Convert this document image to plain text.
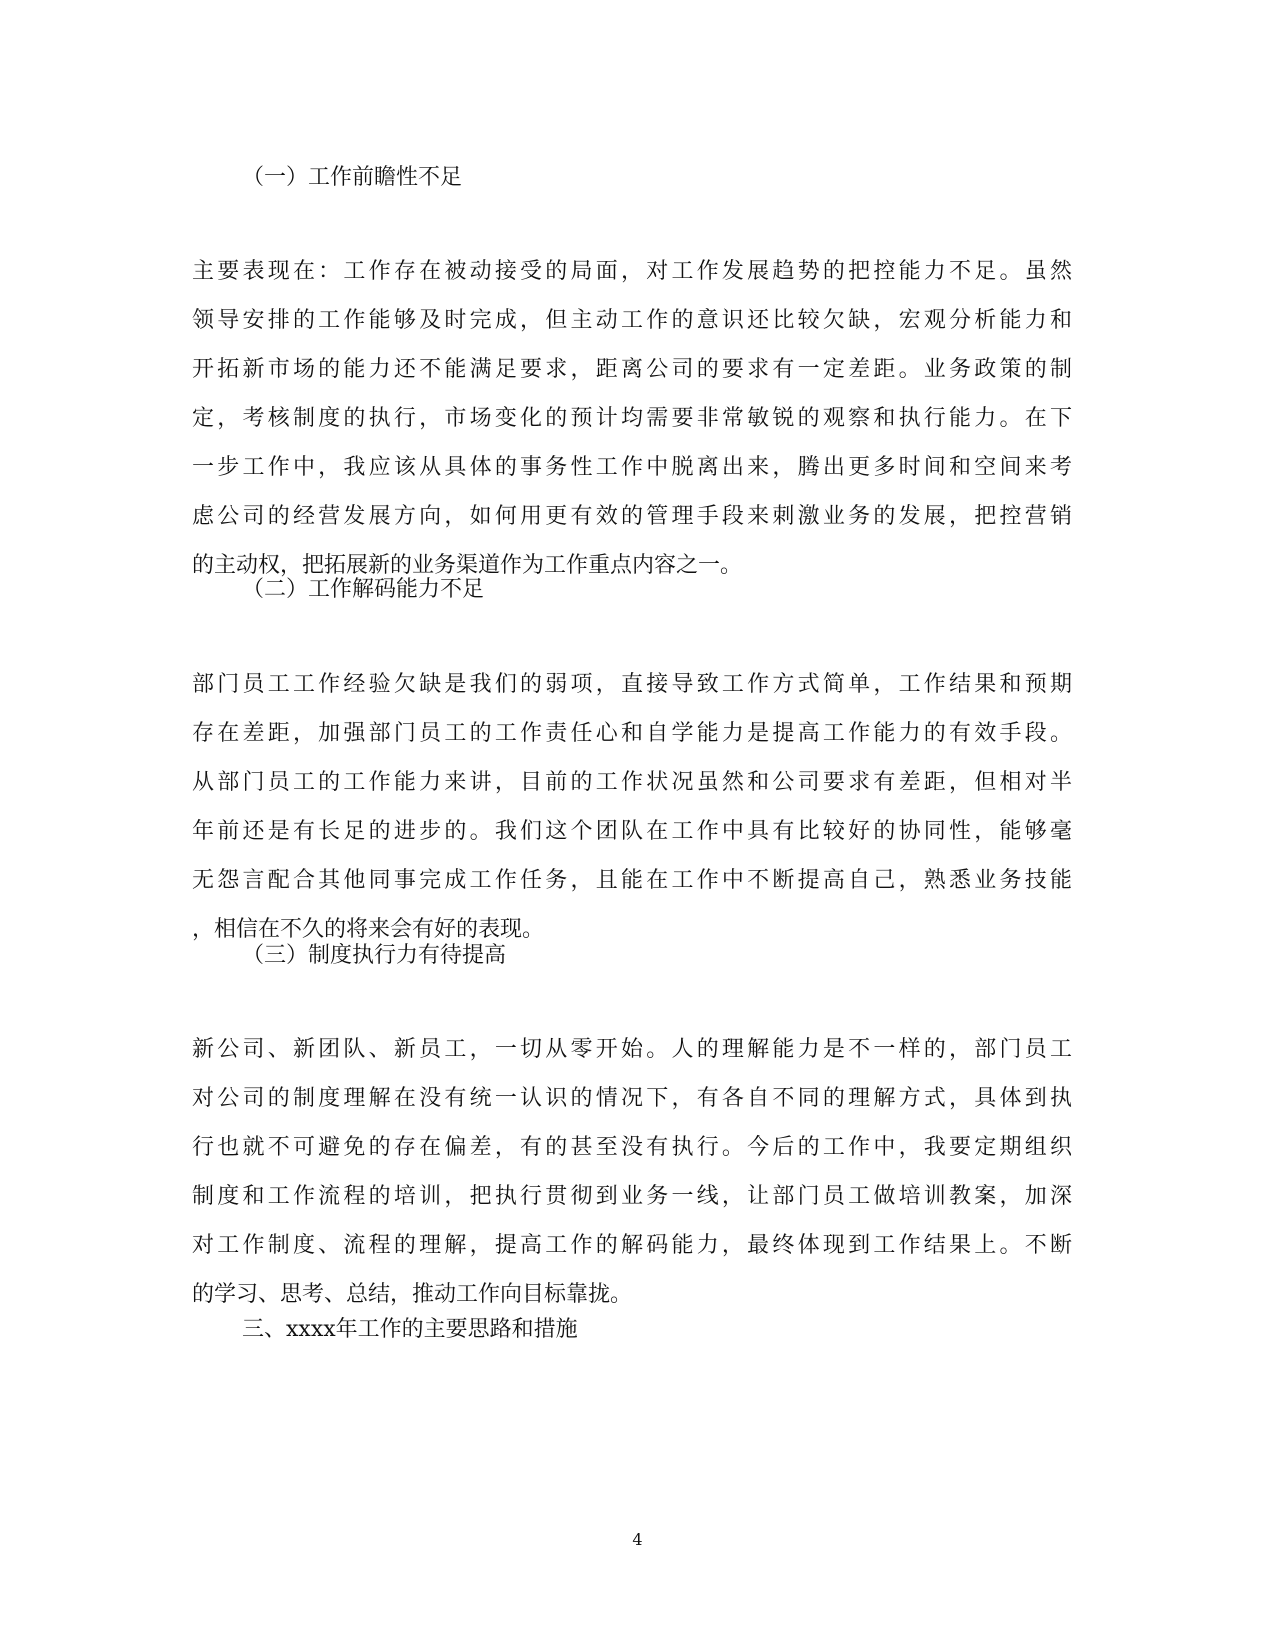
（一）工作前瞻性不足
主要表现在：工作存在被动接受的局面，对工作发展趋势的把控能力不足。虽然
领导安排的工作能够及时完成，但主动工作的意识还比较欠缺，宏观分析能力和
开拓新市场的能力还不能满足要求，距离公司的要求有一定差距。业务政策的制
定，考核制度的执行，市场变化的预计均需要非常敏锐的观察和执行能力。在下
一步工作中，我应该从具体的事务性工作中脱离出来，腾出更多时间和空间来考
虑公司的经营发展方向，如何用更有效的管理手段来刺激业务的发展，把控营销
的主动权，把拓展新的业务渠道作为工作重点内容之一。
（二）工作解码能力不足
部门员工工作经验欠缺是我们的弱项，直接导致工作方式简单，工作结果和预期
存在差距，加强部门员工的工作责任心和自学能力是提高工作能力的有效手段。
从部门员工的工作能力来讲，目前的工作状况虽然和公司要求有差距，但相对半
年前还是有长足的进步的。我们这个团队在工作中具有比较好的协同性，能够毫
无怨言配合其他同事完成工作任务，且能在工作中不断提高自己，熟悉业务技能
，相信在不久的将来会有好的表现。
（三）制度执行力有待提高
新公司、新团队、新员工，一切从零开始。人的理解能力是不一样的，部门员工
对公司的制度理解在没有统一认识的情况下，有各自不同的理解方式，具体到执
行也就不可避免的存在偏差，有的甚至没有执行。今后的工作中，我要定期组织
制度和工作流程的培训，把执行贯彻到业务一线，让部门员工做培训教案，加深
对工作制度、流程的理解，提高工作的解码能力，最终体现到工作结果上。不断
的学习、思考、总结，推动工作向目标靠拢。
三、xxxx年工作的主要思路和措施
4
